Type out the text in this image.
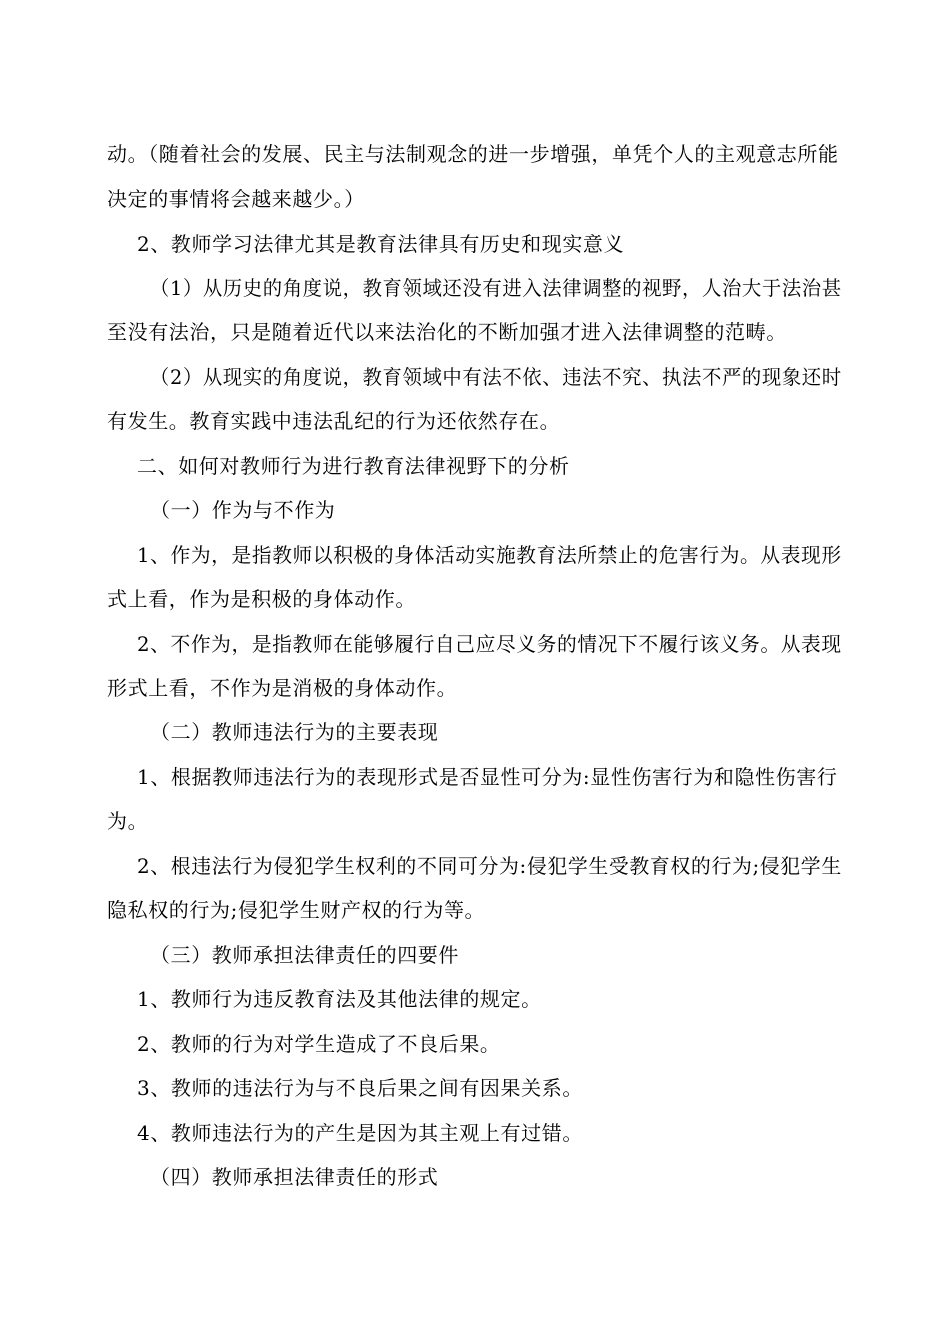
动。（随着社会的发展、民主与法制观念的进一步增强，单凭个人的主观意志所能
决定的事情将会越来越少。）
2、教师学习法律尤其是教育法律具有历史和现实意义
（1）从历史的角度说，教育领域还没有进入法律调整的视野，人治大于法治甚
至没有法治，只是随着近代以来法治化的不断加强才进入法律调整的范畴。
（2）从现实的角度说，教育领域中有法不依、违法不究、执法不严的现象还时
有发生。教育实践中违法乱纪的行为还依然存在。
二、如何对教师行为进行教育法律视野下的分析
（一）作为与不作为
1、作为，是指教师以积极的身体活动实施教育法所禁止的危害行为。从表现形
式上看，作为是积极的身体动作。
2、不作为，是指教师在能够履行自己应尽义务的情况下不履行该义务。从表现
形式上看，不作为是消极的身体动作。
（二）教师违法行为的主要表现
1、根据教师违法行为的表现形式是否显性可分为:显性伤害行为和隐性伤害行
为。
2、根违法行为侵犯学生权利的不同可分为:侵犯学生受教育权的行为;侵犯学生
隐私权的行为;侵犯学生财产权的行为等。
（三）教师承担法律责任的四要件
1、教师行为违反教育法及其他法律的规定。
2、教师的行为对学生造成了不良后果。
3、教师的违法行为与不良后果之间有因果关系。
4、教师违法行为的产生是因为其主观上有过错。
（四）教师承担法律责任的形式
